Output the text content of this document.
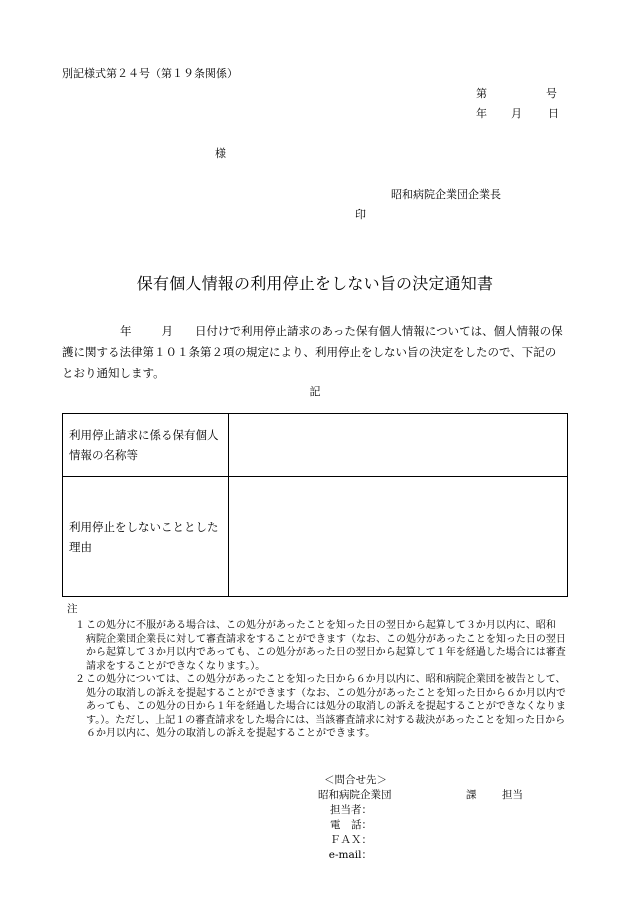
別記様式第２４号（第１９条関係）
第	号
年 月 日
様
昭和病院企業団企業長
印
保有個人情報の利用停止をしない旨の決定通知書
年	月 日付けで利用停止請求のあった保有個人情報については、個人情報の保
護に関する法律第１０１条第２項の規定により、利用停止をしない旨の決定をしたので、下記の
とおり通知します。
記
利用停止請求に係る保有個人
情報の名称等	
利用停止をしないこととした
理由	
注
１ この処分に不服がある場合は、この処分があったことを知った日の翌日から起算して３か月以内に、昭和
病院企業団企業長に対して審査請求をすることができます（なお、この処分があったことを知った日の翌日
から起算して３か月以内であっても、この処分があった日の翌日から起算して１年を経過した場合には審査
請求をすることができなくなります。）。
２ この処分については、この処分があったことを知った日から６か月以内に、昭和病院企業団を被告として、
処分の取消しの訴えを提起することができます（なお、この処分があったことを知った日から６か月以内で
あっても、この処分の日から１年を経過した場合には処分の取消しの訴えを提起することができなくなりま
す。）。ただし、上記１の審査請求をした場合には、当該審査請求に対する裁決があったことを知った日から
６か月以内に、処分の取消しの訴えを提起することができます。
＜問合せ先＞
昭和病院企業団	課 担当
担当者：
電　話：
ＦＡＸ：
e-mail：
